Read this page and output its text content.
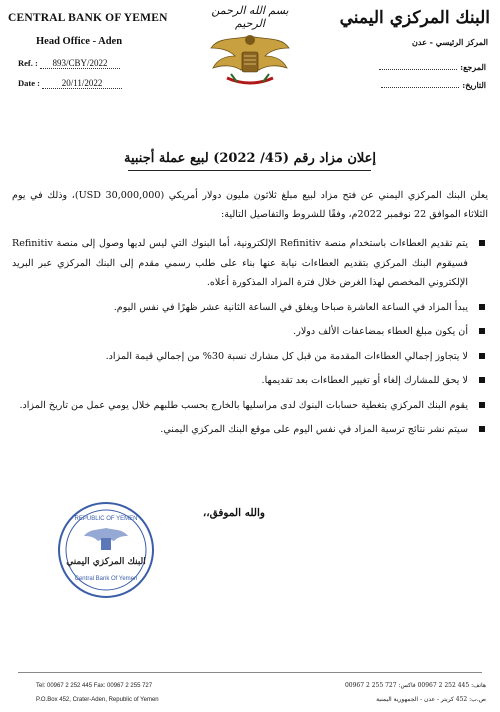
CENTRAL BANK OF YEMEN
Head Office - Aden
Ref. : 893/CBY/2022
Date : 20/11/2022
بسم الله الرحمن الرحيم	البنك المركزي اليمني
المركز الرئيسي - عدن
المرجع:
التاريخ:
إعلان مزاد رقم (45/ 2022) لبيع عملة أجنبية
يعلن البنك المركزي اليمني عن فتح مزاد لبيع مبلغ ثلاثون مليون دولار أمريكي (30,000,000 USD)، وذلك في يوم الثلاثاء الموافق 22 نوفمبر 2022م، وفقًا للشروط والتفاصيل التالية:
يتم تقديم العطاءات باستخدام منصة Refinitiv الإلكترونية، أما البنوك التي ليس لديها وصول إلى منصة Refinitiv فسيقوم البنك المركزي بتقديم العطاءات نيابة عنها بناء على طلب رسمي مقدم إلى البنك المركزي عبر البريد الإلكتروني المخصص لهذا الغرض خلال فترة المزاد المذكورة أعلاه.
يبدأ المزاد في الساعة العاشرة صباحا ويغلق في الساعة الثانية عشر ظهرًا في نفس اليوم.
أن يكون مبلغ العطاء بمضاعفات الألف دولار.
لا يتجاوز إجمالي العطاءات المقدمة من قبل كل مشارك نسبة 30% من إجمالي قيمة المزاد.
لا يحق للمشارك إلغاء أو تغيير العطاءات بعد تقديمها.
يقوم البنك المركزي بتغطية حسابات البنوك لدى مراسليها بالخارج بحسب طلبهم خلال يومي عمل من تاريخ المزاد.
سيتم نشر نتائج ترسية المزاد في نفس اليوم على موقع البنك المركزي اليمني.
والله الموفق،،
REPUBLIC OF YEMEN
البنك المركزي اليمني
Central Bank Of Yemen
Tel: 00967 2 252 445 Fax: 00967 2 255 727
P.O.Box 452, Crater-Aden, Republic of Yemen
هاتف: 445 252 2 00967 فاكس: 727 255 2 00967
ص.ب: 452 كريتر - عدن - الجمهورية اليمنية
